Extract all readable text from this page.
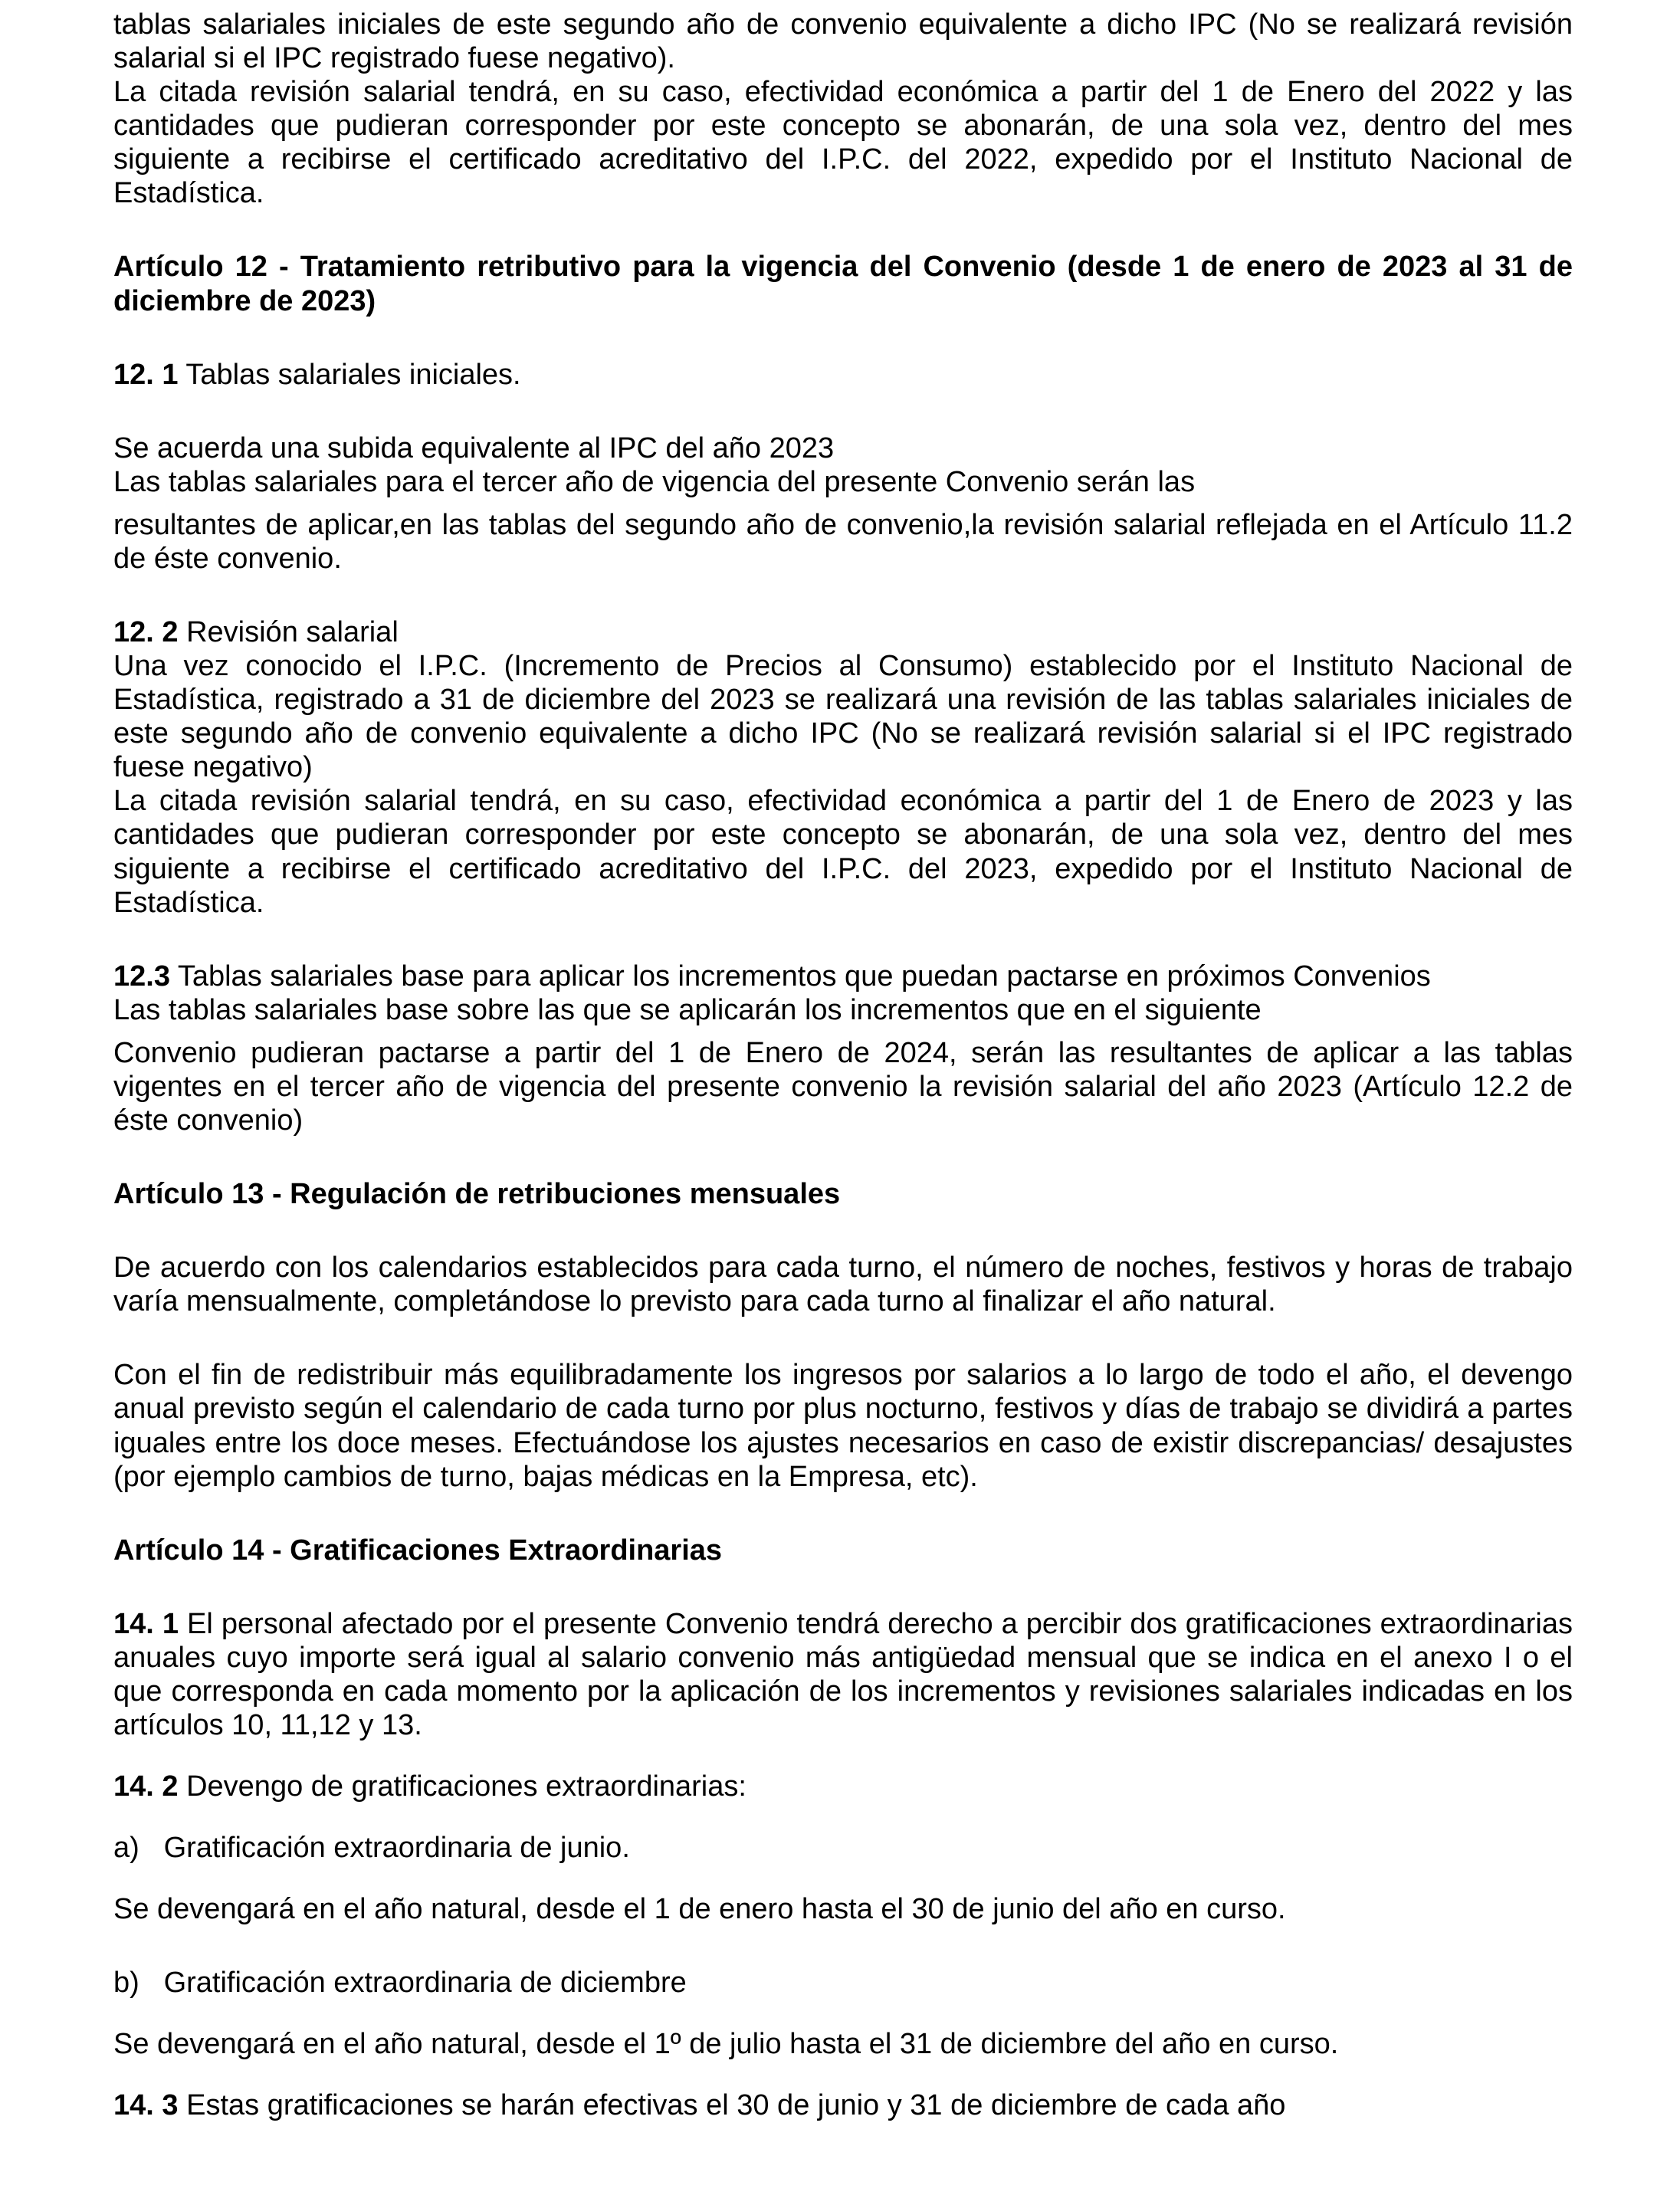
tablas salariales iniciales de este segundo año de convenio equivalente a dicho IPC (No se realizará revisión salarial si el IPC registrado fuese negativo).

La citada revisión salarial tendrá, en su caso, efectividad económica a partir del 1 de Enero del 2022 y las cantidades que pudieran corresponder por este concepto se abonarán, de una sola vez, dentro del mes siguiente a recibirse el certificado acreditativo del I.P.C. del 2022, expedido por el Instituto Nacional de Estadística.

Artículo 12 - Tratamiento retributivo para la vigencia del Convenio (desde 1 de enero de 2023 al 31 de diciembre de 2023)

12. 1 Tablas salariales iniciales.

Se acuerda una subida equivalente al IPC del año 2023

Las tablas salariales para el tercer año de vigencia del presente Convenio serán las

resultantes de aplicar,en las tablas del segundo año de convenio,la revisión salarial reflejada en el Artículo 11.2 de éste convenio.

12. 2 Revisión salarial

Una vez conocido el I.P.C. (Incremento de Precios al Consumo) establecido por el Instituto Nacional de Estadística, registrado a 31 de diciembre del 2023 se realizará una revisión de las tablas salariales iniciales de este segundo año de convenio equivalente a dicho IPC (No se realizará revisión salarial si el IPC registrado fuese negativo)

La citada revisión salarial tendrá, en su caso, efectividad económica a partir del 1 de Enero de 2023 y las cantidades que pudieran corresponder por este concepto se abonarán, de una sola vez, dentro del mes siguiente a recibirse el certificado acreditativo del I.P.C. del 2023, expedido por el Instituto Nacional de Estadística.

12.3 Tablas salariales base para aplicar los incrementos que puedan pactarse en próximos Convenios

Las tablas salariales base sobre las que se aplicarán los incrementos que en el siguiente

Convenio pudieran pactarse a partir del 1 de Enero de 2024, serán las resultantes de aplicar a las tablas vigentes en el tercer año de vigencia del presente convenio la revisión salarial del año 2023 (Artículo 12.2 de éste convenio)

Artículo 13 - Regulación de retribuciones mensuales

De acuerdo con los calendarios establecidos para cada turno, el número de noches, festivos y horas de trabajo varía mensualmente, completándose lo previsto para cada turno al finalizar el año natural.

Con el fin de redistribuir más equilibradamente los ingresos por salarios a lo largo de todo el año, el devengo anual previsto según el calendario de cada turno por plus nocturno, festivos y días de trabajo se dividirá a partes iguales entre los doce meses. Efectuándose los ajustes necesarios en caso de existir discrepancias/ desajustes (por ejemplo cambios de turno, bajas médicas en la Empresa, etc).

Artículo 14 - Gratificaciones Extraordinarias

14. 1 El personal afectado por el presente Convenio tendrá derecho a percibir dos gratificaciones extraordinarias anuales cuyo importe será igual al salario convenio más antigüedad mensual que se indica en el anexo I o el que corresponda en cada momento por la aplicación de los incrementos y revisiones salariales indicadas en los artículos 10, 11,12 y 13.

14. 2 Devengo de gratificaciones extraordinarias:

a) Gratificación extraordinaria de junio.

Se devengará en el año natural, desde el 1 de enero hasta el 30 de junio del año en curso.

b) Gratificación extraordinaria de diciembre

Se devengará en el año natural, desde el 1º de julio hasta el 31 de diciembre del año en curso.

14. 3 Estas gratificaciones se harán efectivas el 30 de junio y 31 de diciembre de cada año
